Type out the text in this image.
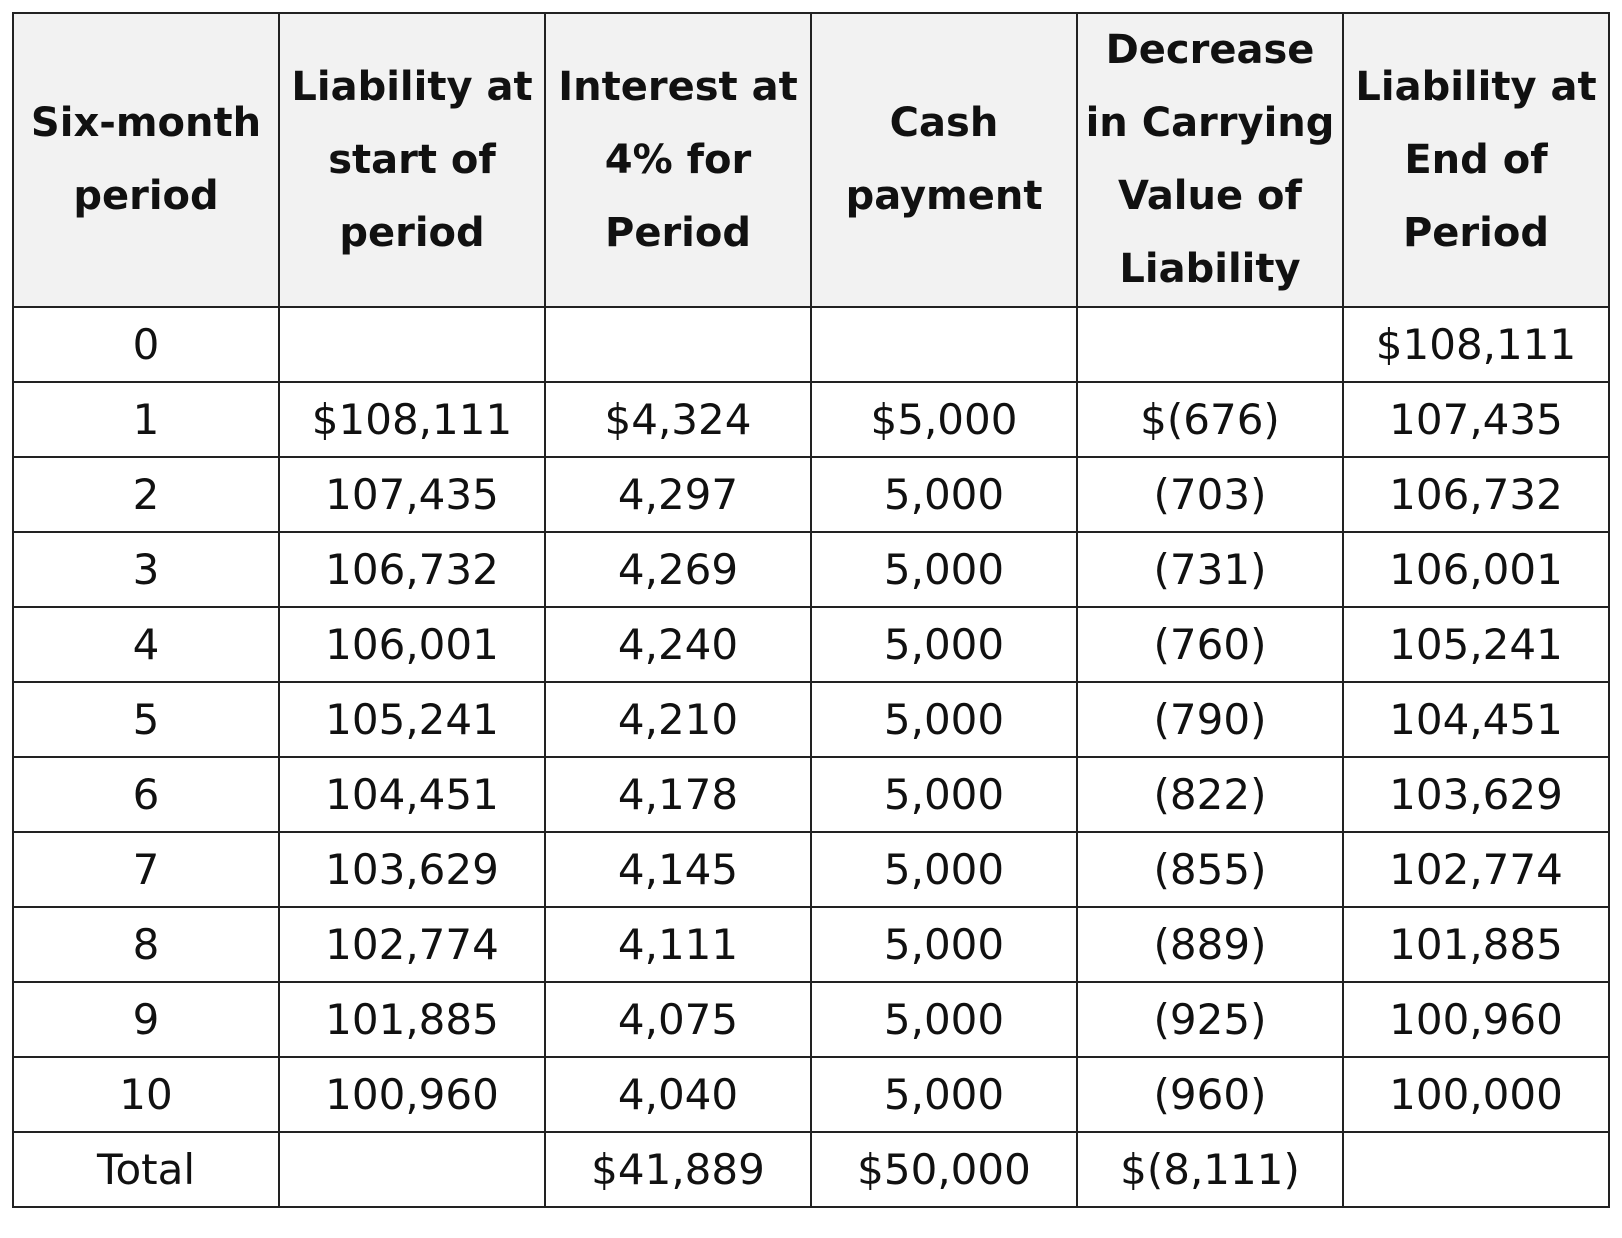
Six-month
period	Liability at
start of
period	Interest at
4% for
Period	Cash
payment	Decrease
in Carrying
Value of
Liability	Liability at
End of
Period
0					$108,111
1	$108,111	$4,324	$5,000	$(676)	107,435
2	107,435	4,297	5,000	(703)	106,732
3	106,732	4,269	5,000	(731)	106,001
4	106,001	4,240	5,000	(760)	105,241
5	105,241	4,210	5,000	(790)	104,451
6	104,451	4,178	5,000	(822)	103,629
7	103,629	4,145	5,000	(855)	102,774
8	102,774	4,111	5,000	(889)	101,885
9	101,885	4,075	5,000	(925)	100,960
10	100,960	4,040	5,000	(960)	100,000
Total		$41,889	$50,000	$(8,111)	
